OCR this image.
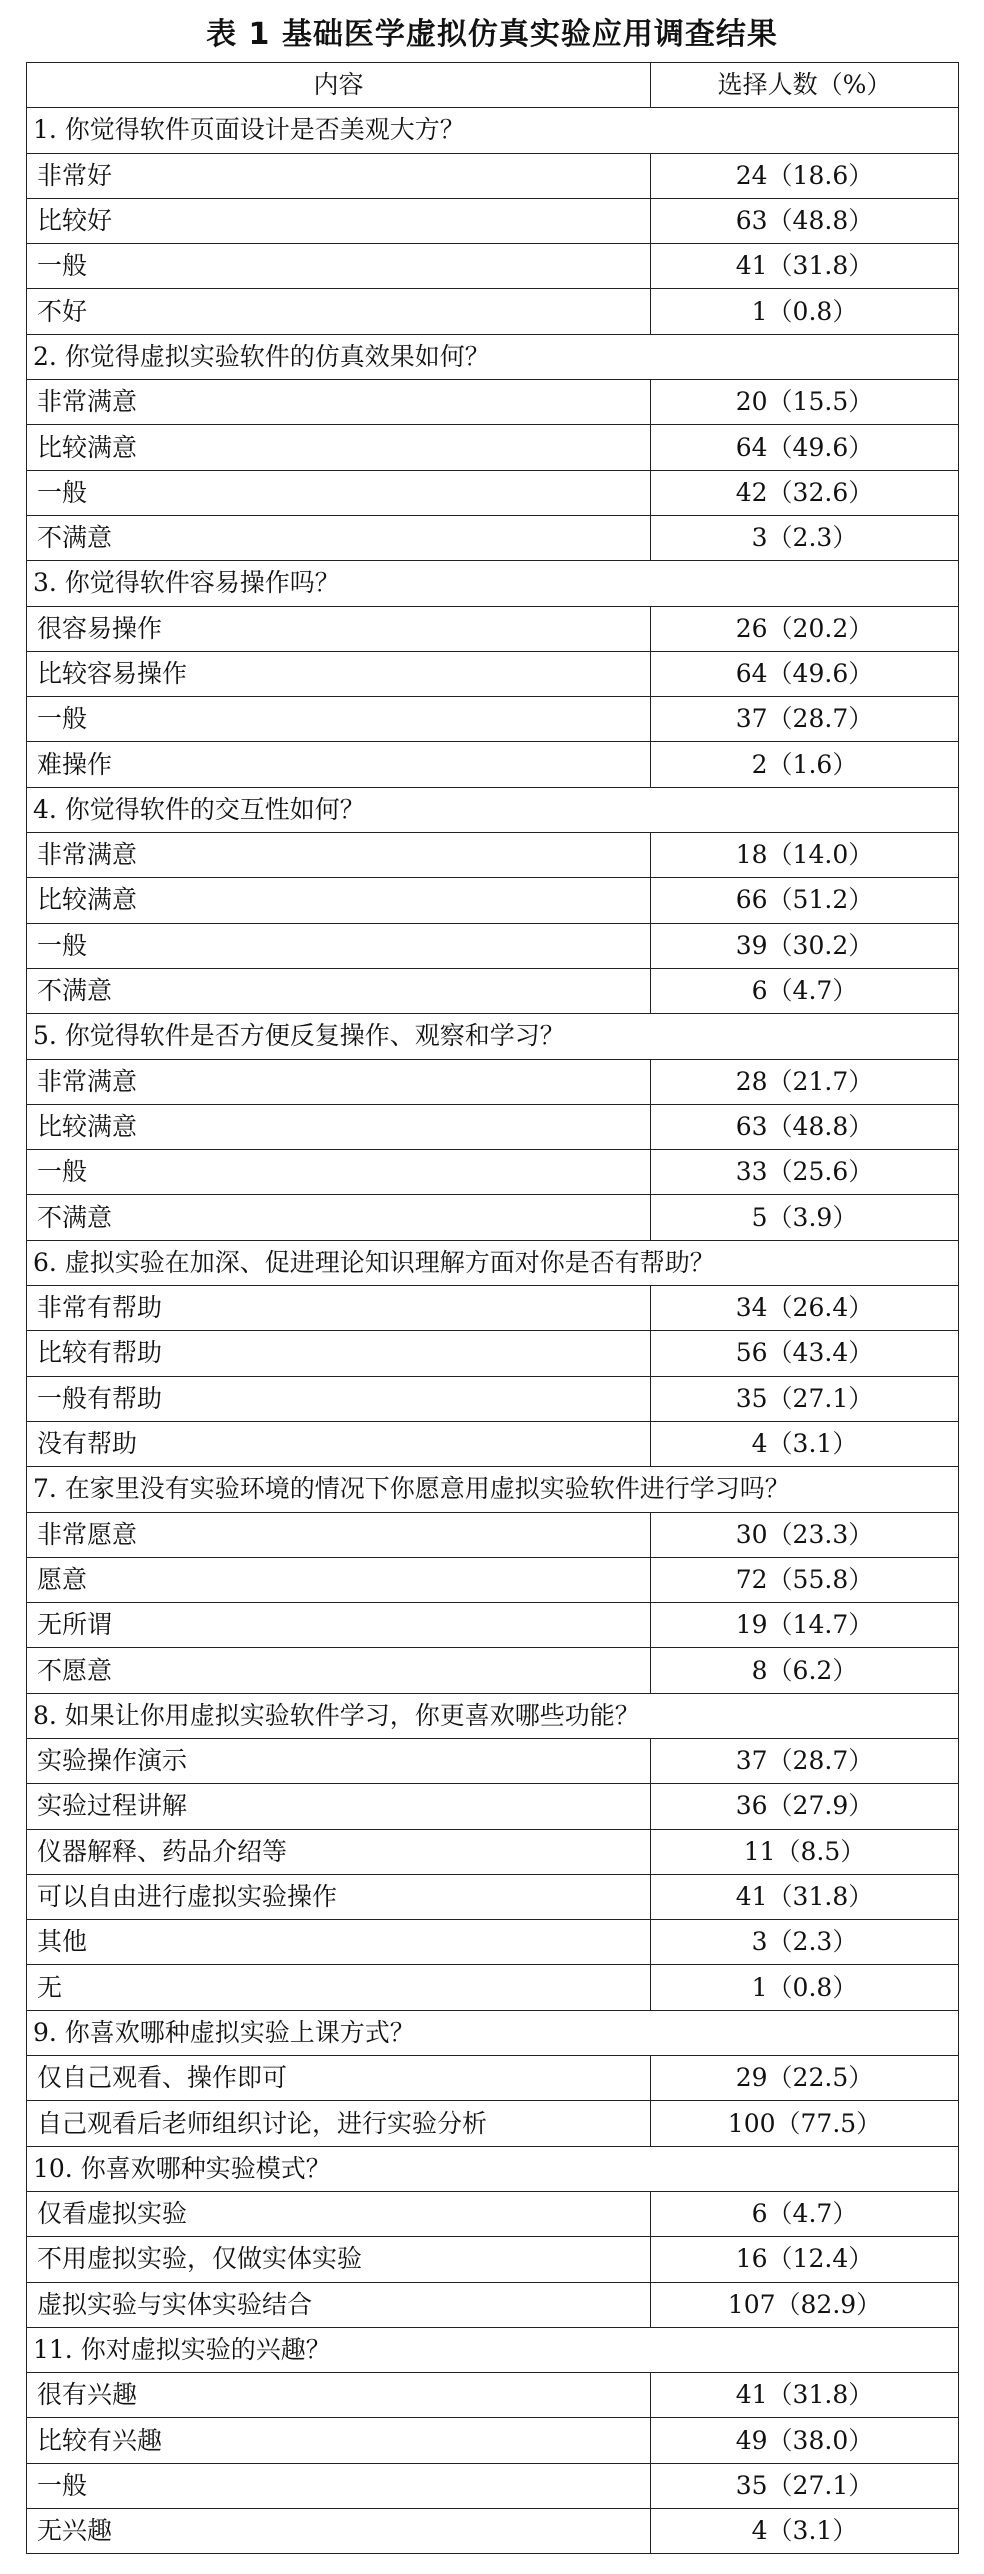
表 1 基础医学虚拟仿真实验应用调查结果
内容	选择人数（%）
1. 你觉得软件页面设计是否美观大方？	
非常好	24（18.6）
比较好	63（48.8）
一般	41（31.8）
不好	1（0.8）
2. 你觉得虚拟实验软件的仿真效果如何？	
非常满意	20（15.5）
比较满意	64（49.6）
一般	42（32.6）
不满意	3（2.3）
3. 你觉得软件容易操作吗？	
很容易操作	26（20.2）
比较容易操作	64（49.6）
一般	37（28.7）
难操作	2（1.6）
4. 你觉得软件的交互性如何？	
非常满意	18（14.0）
比较满意	66（51.2）
一般	39（30.2）
不满意	6（4.7）
5. 你觉得软件是否方便反复操作、观察和学习？	
非常满意	28（21.7）
比较满意	63（48.8）
一般	33（25.6）
不满意	5（3.9）
6. 虚拟实验在加深、促进理论知识理解方面对你是否有帮助？	
非常有帮助	34（26.4）
比较有帮助	56（43.4）
一般有帮助	35（27.1）
没有帮助	4（3.1）
7. 在家里没有实验环境的情况下你愿意用虚拟实验软件进行学习吗？	
非常愿意	30（23.3）
愿意	72（55.8）
无所谓	19（14.7）
不愿意	8（6.2）
8. 如果让你用虚拟实验软件学习，你更喜欢哪些功能？	
实验操作演示	37（28.7）
实验过程讲解	36（27.9）
仪器解释、药品介绍等	11（8.5）
可以自由进行虚拟实验操作	41（31.8）
其他	3（2.3）
无	1（0.8）
9. 你喜欢哪种虚拟实验上课方式？	
仅自己观看、操作即可	29（22.5）
自己观看后老师组织讨论，进行实验分析	100（77.5）
10. 你喜欢哪种实验模式？	
仅看虚拟实验	6（4.7）
不用虚拟实验，仅做实体实验	16（12.4）
虚拟实验与实体实验结合	107（82.9）
11. 你对虚拟实验的兴趣？	
很有兴趣	41（31.8）
比较有兴趣	49（38.0）
一般	35（27.1）
无兴趣	4（3.1）
